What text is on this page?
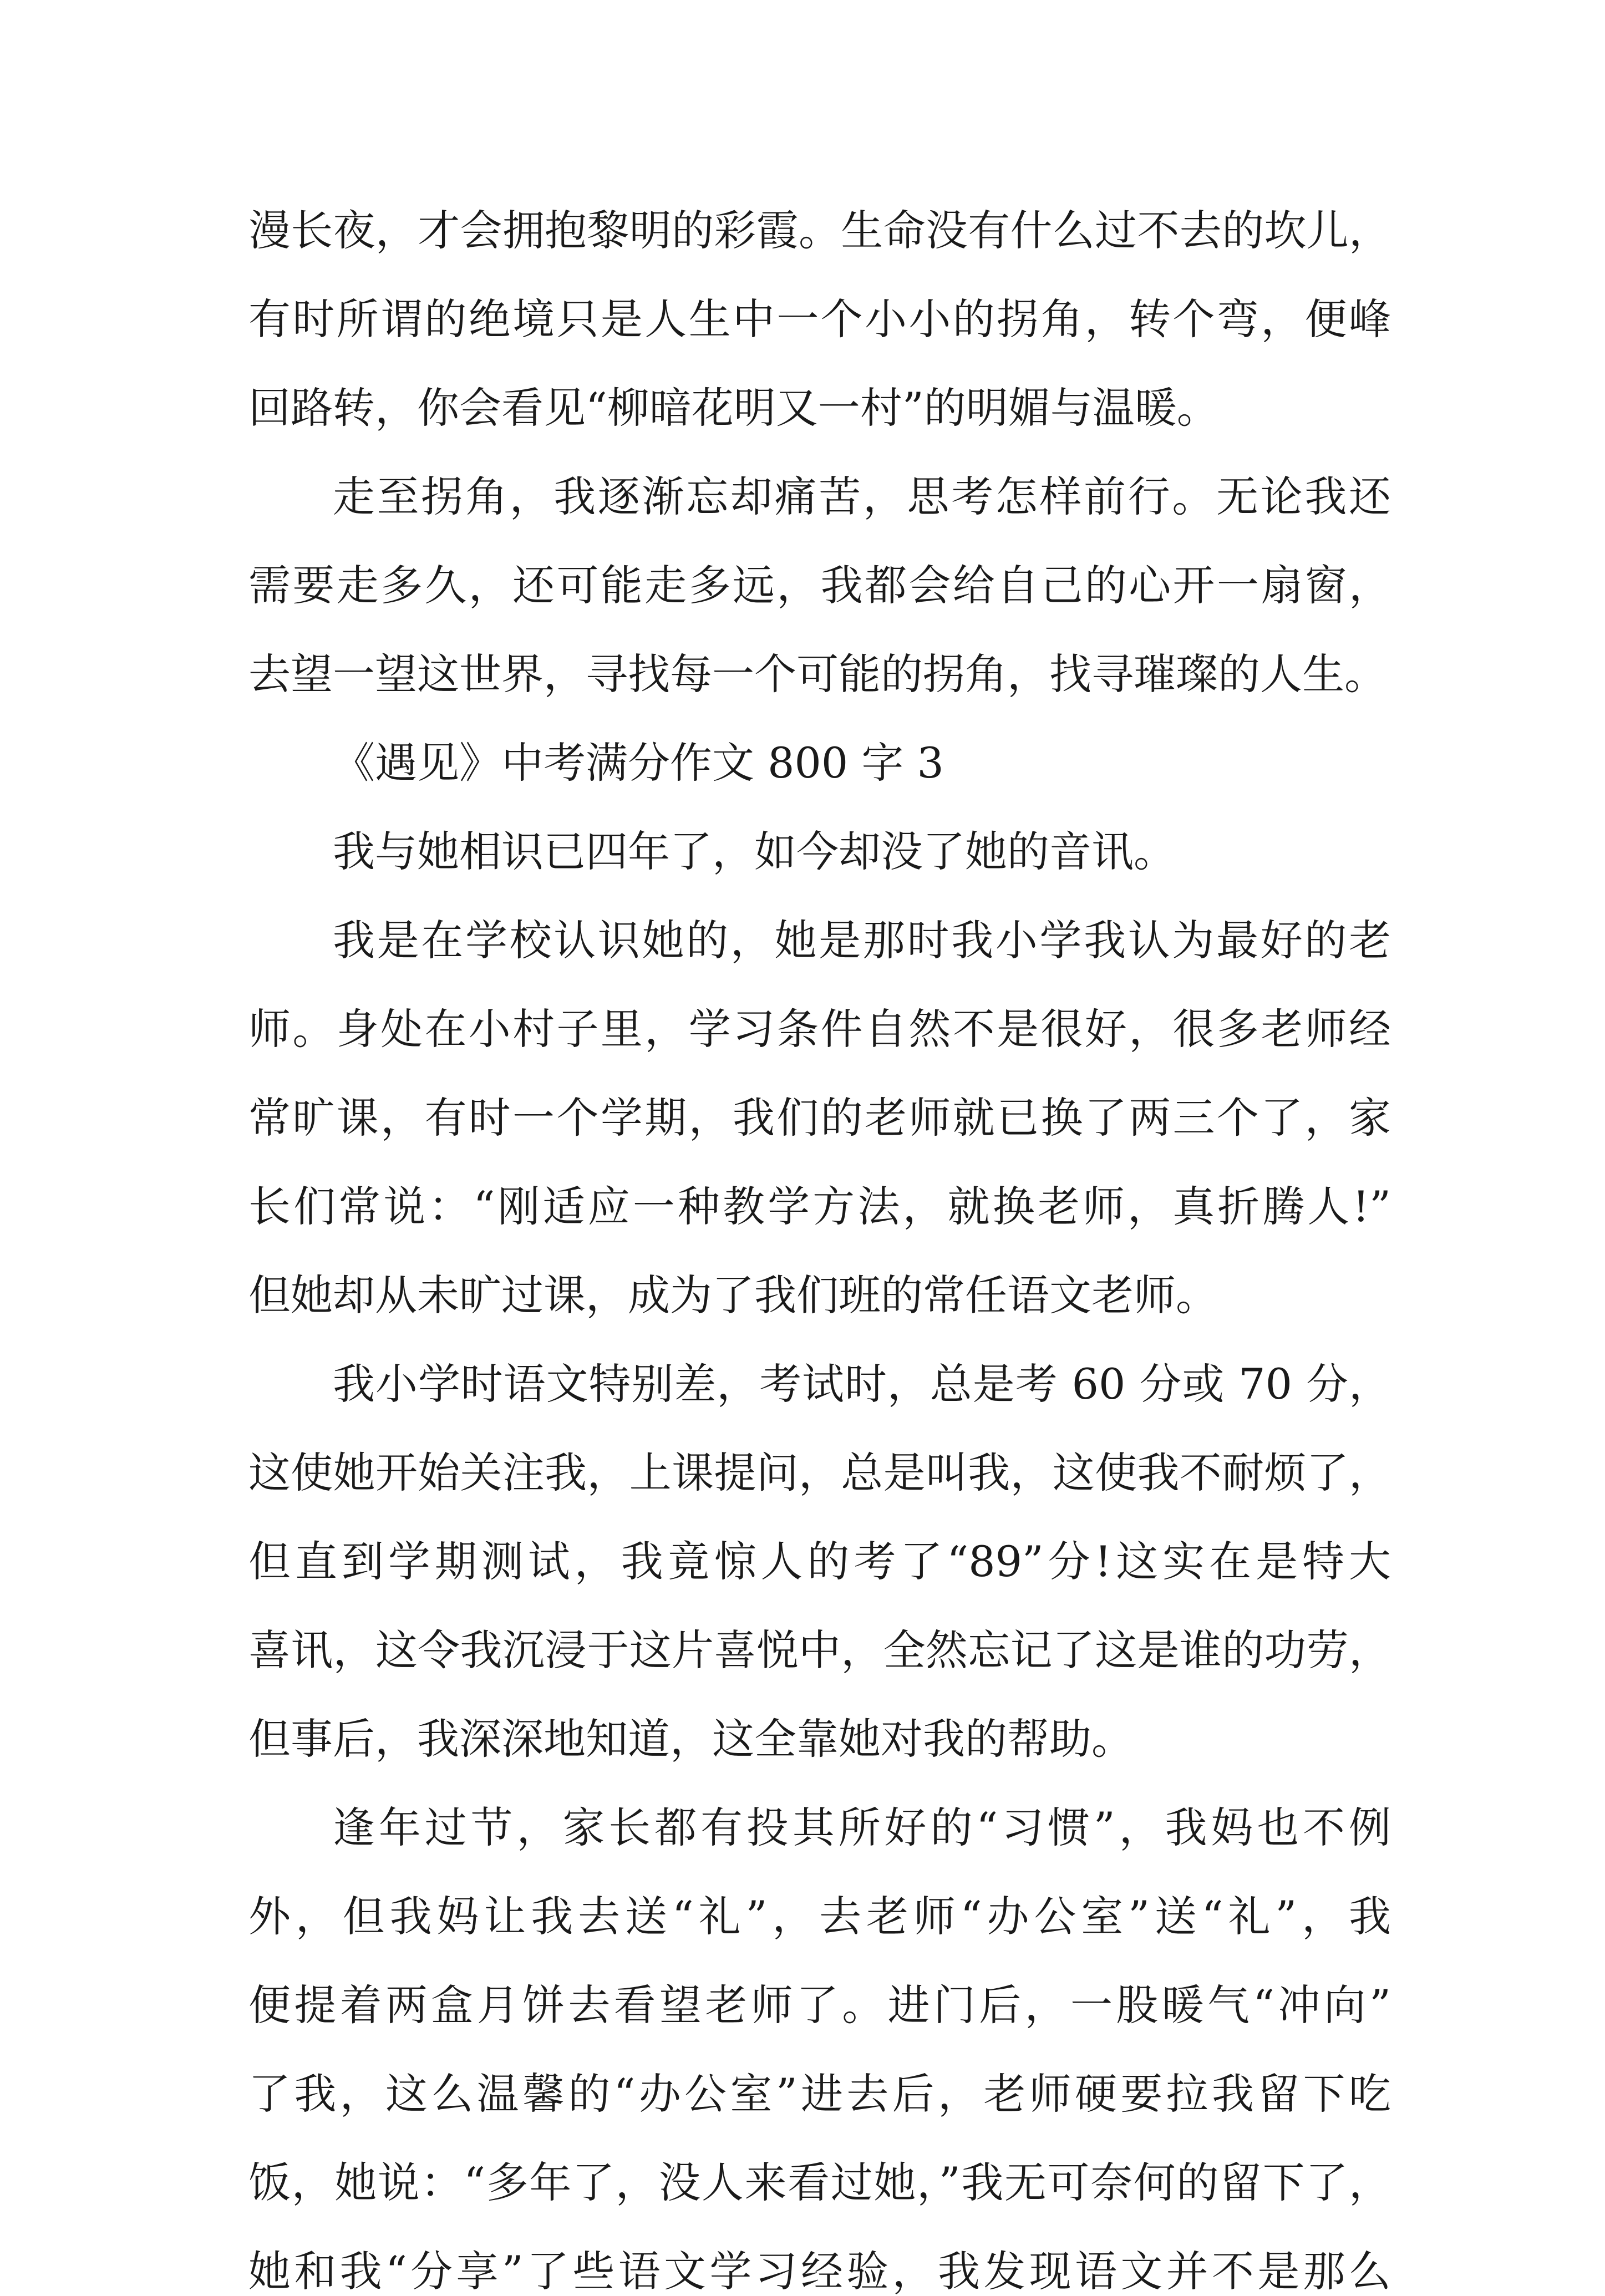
漫长夜，才会拥抱黎明的彩霞。生命没有什么过不去的坎儿，
有时所谓的绝境只是人生中一个小小的拐角，转个弯，便峰
回路转，你会看见“柳暗花明又一村”的明媚与温暖。
走至拐角，我逐渐忘却痛苦，思考怎样前行。无论我还
需要走多久，还可能走多远，我都会给自己的心开一扇窗，
去望一望这世界，寻找每一个可能的拐角，找寻璀璨的人生。
《遇见》中考满分作文 800 字 3
我与她相识已四年了，如今却没了她的音讯。
我是在学校认识她的，她是那时我小学我认为最好的老
师。身处在小村子里，学习条件自然不是很好，很多老师经
常旷课，有时一个学期，我们的老师就已换了两三个了，家
长们常说：“刚适应一种教学方法，就换老师，真折腾人!”
但她却从未旷过课，成为了我们班的常任语文老师。
我小学时语文特别差，考试时，总是考 60 分或 70 分，
这使她开始关注我，上课提问，总是叫我，这使我不耐烦了，
但直到学期测试，我竟惊人的考了“89”分!这实在是特大
喜讯，这令我沉浸于这片喜悦中，全然忘记了这是谁的功劳，
但事后，我深深地知道，这全靠她对我的帮助。
逢年过节，家长都有投其所好的“习惯”，我妈也不例
外，但我妈让我去送“礼”，去老师“办公室”送“礼”，我
便提着两盒月饼去看望老师了。进门后，一股暖气“冲向”
了我，这么温馨的“办公室”进去后，老师硬要拉我留下吃
饭，她说：“多年了，没人来看过她，”我无可奈何的留下了，
她和我“分享”了些语文学习经验，我发现语文并不是那么
